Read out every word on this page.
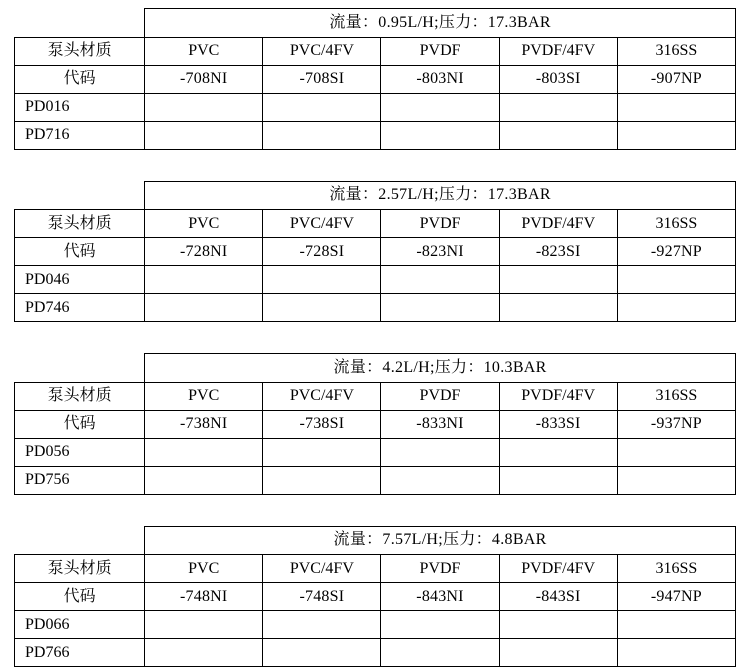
	流量：0.95L/H;压力：17.3BAR				
泵头材质	PVC	PVC/4FV	PVDF	PVDF/4FV	316SS
代码	-708NI	-708SI	-803NI	-803SI	-907NP
PD016					
PD716					
	流量：2.57L/H;压力：17.3BAR				
泵头材质	PVC	PVC/4FV	PVDF	PVDF/4FV	316SS
代码	-728NI	-728SI	-823NI	-823SI	-927NP
PD046					
PD746					
	流量：4.2L/H;压力：10.3BAR				
泵头材质	PVC	PVC/4FV	PVDF	PVDF/4FV	316SS
代码	-738NI	-738SI	-833NI	-833SI	-937NP
PD056					
PD756					
	流量：7.57L/H;压力：4.8BAR				
泵头材质	PVC	PVC/4FV	PVDF	PVDF/4FV	316SS
代码	-748NI	-748SI	-843NI	-843SI	-947NP
PD066					
PD766					
